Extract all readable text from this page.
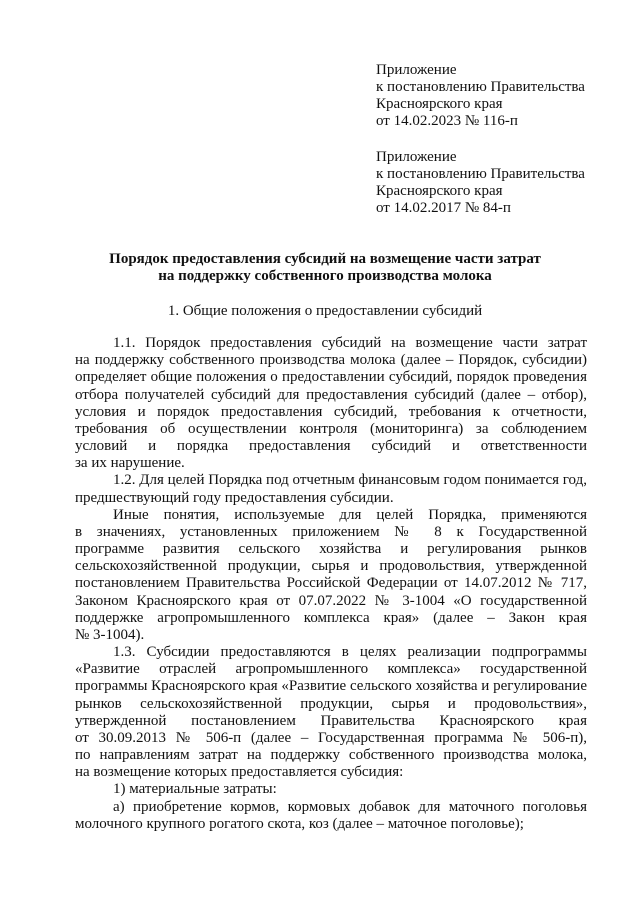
Приложение
к постановлению Правительства
Красноярского края
от 14.02.2023 № 116-п
Приложение
к постановлению Правительства
Красноярского края
от 14.02.2017 № 84-п
Порядок предоставления субсидий на возмещение части затрат
на поддержку собственного производства молока
1. Общие положения о предоставлении субсидий
1.1. Порядок предоставления субсидий на возмещение части затрат
на поддержку собственного производства молока (далее – Порядок, субсидии)
определяет общие положения о предоставлении субсидий, порядок проведения
отбора получателей субсидий для предоставления субсидий (далее – отбор),
условия и порядок предоставления субсидий, требования к отчетности,
требования об осуществлении контроля (мониторинга) за соблюдением
условий и порядка предоставления субсидий и ответственности
за их нарушение.
1.2. Для целей Порядка под отчетным финансовым годом понимается год,
предшествующий году предоставления субсидии.
Иные понятия, используемые для целей Порядка, применяются
в значениях, установленных приложением № 8 к Государственной
программе развития сельского хозяйства и регулирования рынков
сельскохозяйственной продукции, сырья и продовольствия, утвержденной
постановлением Правительства Российской Федерации от 14.07.2012 № 717,
Законом Красноярского края от 07.07.2022 № 3-1004 «О государственной
поддержке агропромышленного комплекса края» (далее – Закон края
№ 3-1004).
1.3. Субсидии предоставляются в целях реализации подпрограммы
«Развитие отраслей агропромышленного комплекса» государственной
программы Красноярского края «Развитие сельского хозяйства и регулирование
рынков сельскохозяйственной продукции, сырья и продовольствия»,
утвержденной постановлением Правительства Красноярского края
от 30.09.2013 № 506-п (далее – Государственная программа № 506-п),
по направлениям затрат на поддержку собственного производства молока,
на возмещение которых предоставляется субсидия:
1) материальные затраты:
а) приобретение кормов, кормовых добавок для маточного поголовья
молочного крупного рогатого скота, коз (далее – маточное поголовье);
